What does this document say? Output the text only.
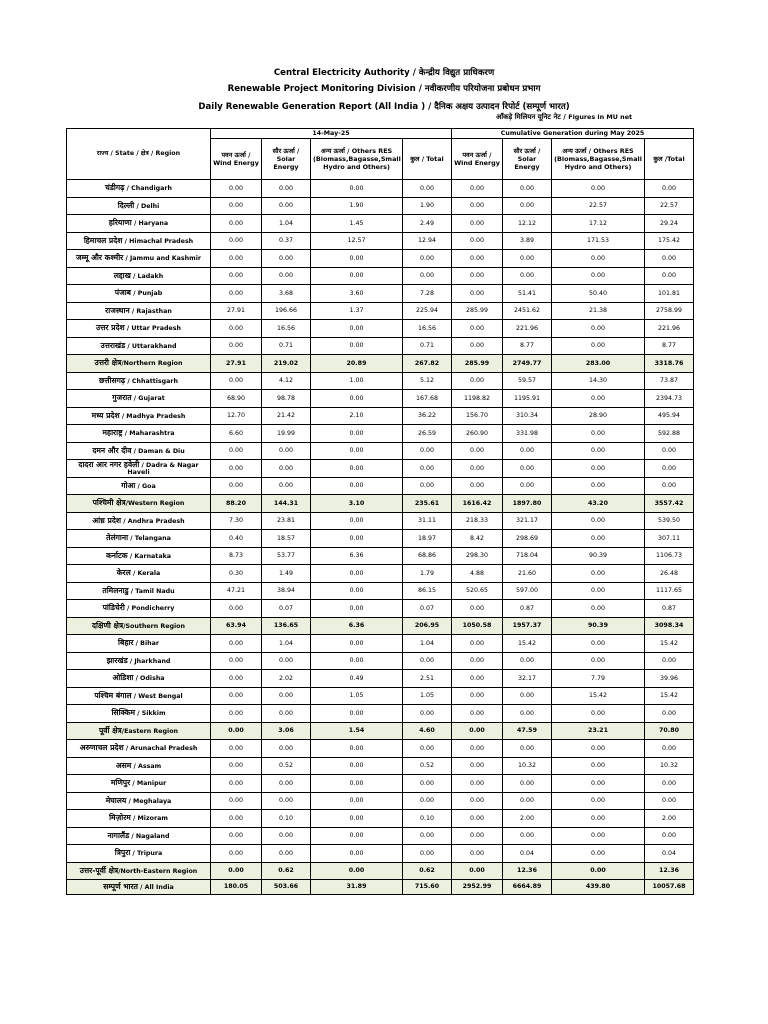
Central Electricity Authority / केन्द्रीय विद्युत प्राधिकरण
Renewable Project Monitoring Division / नवीकरणीय परियोजना प्रबोधन प्रभाग
Daily Renewable Generation Report (All India ) / दैनिक अक्षय उत्पादन रिपोर्ट (सम्पूर्ण भारत)
आँकड़े मिलियन यूनिट नेट / Figures in MU net
राज्य / State / क्षेत्र / Region	14-May-25				Cumulative Generation during May 2025			
	पवन ऊर्जा / Wind Energy	सौर ऊर्जा / Solar Energy	अन्य ऊर्जा / Others RES (Biomass,Bagasse,Small Hydro and Others)	कुल / Total	पवन ऊर्जा / Wind Energy	सौर ऊर्जा / Solar Energy	अन्य ऊर्जा / Others RES (Biomass,Bagasse,Small Hydro and Others)	कुल /Total
चंडीगढ़ / Chandigarh	0.00	0.00	0.00	0.00	0.00	0.00	0.00	0.00
दिल्ली / Delhi	0.00	0.00	1.90	1.90	0.00	0.00	22.57	22.57
हरियाणा / Haryana	0.00	1.04	1.45	2.49	0.00	12.12	17.12	29.24
हिमाचल प्रदेश / Himachal Pradesh	0.00	0.37	12.57	12.94	0.00	3.89	171.53	175.42
जम्मू और कश्मीर / Jammu and Kashmir	0.00	0.00	0.00	0.00	0.00	0.00	0.00	0.00
लद्दाख / Ladakh	0.00	0.00	0.00	0.00	0.00	0.00	0.00	0.00
पंजाब / Punjab	0.00	3.68	3.60	7.28	0.00	51.41	50.40	101.81
राजस्थान / Rajasthan	27.91	196.66	1.37	225.94	285.99	2451.62	21.38	2758.99
उत्तर प्रदेश / Uttar Pradesh	0.00	16.56	0.00	16.56	0.00	221.96	0.00	221.96
उत्तराखंड / Uttarakhand	0.00	0.71	0.00	0.71	0.00	8.77	0.00	8.77
उत्तरी क्षेत्र/Northern Region	27.91	219.02	20.89	267.82	285.99	2749.77	283.00	3318.76
छत्तीसगढ़ / Chhattisgarh	0.00	4.12	1.00	5.12	0.00	59.57	14.30	73.87
गुजरात / Gujarat	68.90	98.78	0.00	167.68	1198.82	1195.91	0.00	2394.73
मध्य प्रदेश / Madhya Pradesh	12.70	21.42	2.10	36.22	156.70	310.34	28.90	495.94
महाराष्ट्र / Maharashtra	6.60	19.99	0.00	26.59	260.90	331.98	0.00	592.88
दमन और दीव / Daman & Diu	0.00	0.00	0.00	0.00	0.00	0.00	0.00	0.00
दादरा आर नगर हवेली / Dadra & Nagar Haveli	0.00	0.00	0.00	0.00	0.00	0.00	0.00	0.00
गोआ / Goa	0.00	0.00	0.00	0.00	0.00	0.00	0.00	0.00
पश्चिमी क्षेत्र/Western Region	88.20	144.31	3.10	235.61	1616.42	1897.80	43.20	3557.42
आंध्र प्रदेश / Andhra Pradesh	7.30	23.81	0.00	31.11	218.33	321.17	0.00	539.50
तेलंगाना / Telangana	0.40	18.57	0.00	18.97	8.42	298.69	0.00	307.11
कर्नाटक / Karnataka	8.73	53.77	6.36	68.86	298.30	718.04	90.39	1106.73
केरल / Kerala	0.30	1.49	0.00	1.79	4.88	21.60	0.00	26.48
तमिलनाडु / Tamil Nadu	47.21	38.94	0.00	86.15	520.65	597.00	0.00	1117.65
पांडिचेरी / Pondicherry	0.00	0.07	0.00	0.07	0.00	0.87	0.00	0.87
दक्षिणी क्षेत्र/Southern Region	63.94	136.65	6.36	206.95	1050.58	1957.37	90.39	3098.34
बिहार / Bihar	0.00	1.04	0.00	1.04	0.00	15.42	0.00	15.42
झारखंड / Jharkhand	0.00	0.00	0.00	0.00	0.00	0.00	0.00	0.00
ओडिशा / Odisha	0.00	2.02	0.49	2.51	0.00	32.17	7.79	39.96
पश्चिम बंगाल / West Bengal	0.00	0.00	1.05	1.05	0.00	0.00	15.42	15.42
सिक्किम / Sikkim	0.00	0.00	0.00	0.00	0.00	0.00	0.00	0.00
पूर्वी क्षेत्र/Eastern Region	0.00	3.06	1.54	4.60	0.00	47.59	23.21	70.80
अरुणाचल प्रदेश / Arunachal Pradesh	0.00	0.00	0.00	0.00	0.00	0.00	0.00	0.00
असम / Assam	0.00	0.52	0.00	0.52	0.00	10.32	0.00	10.32
मणिपुर / Manipur	0.00	0.00	0.00	0.00	0.00	0.00	0.00	0.00
मेघालय / Meghalaya	0.00	0.00	0.00	0.00	0.00	0.00	0.00	0.00
मिज़ोरम / Mizoram	0.00	0.10	0.00	0.10	0.00	2.00	0.00	2.00
नागालैंड / Nagaland	0.00	0.00	0.00	0.00	0.00	0.00	0.00	0.00
त्रिपुरा / Tripura	0.00	0.00	0.00	0.00	0.00	0.04	0.00	0.04
उत्तर-पूर्वी क्षेत्र/North-Eastern Region	0.00	0.62	0.00	0.62	0.00	12.36	0.00	12.36
सम्पूर्ण भारत / All India	180.05	503.66	31.89	715.60	2952.99	6664.89	439.80	10057.68
